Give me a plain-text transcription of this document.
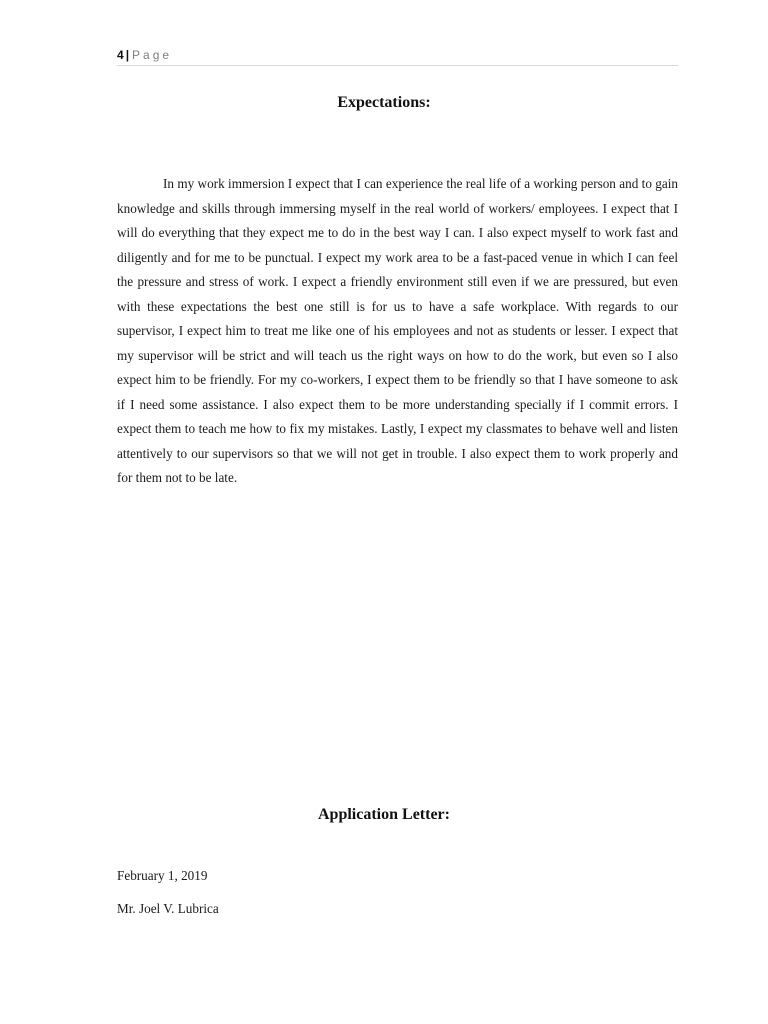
4 | Page
Expectations:

In my work immersion I expect that I can experience the real life of a working person and to gain knowledge and skills through immersing myself in the real world of workers/ employees. I expect that I will do everything that they expect me to do in the best way I can. I also expect myself to work fast and diligently and for me to be punctual. I expect my work area to be a fast-paced venue in which I can feel the pressure and stress of work. I expect a friendly environment still even if we are pressured, but even with these expectations the best one still is for us to have a safe workplace. With regards to our supervisor, I expect him to treat me like one of his employees and not as students or lesser. I expect that my supervisor will be strict and will teach us the right ways on how to do the work, but even so I also expect him to be friendly. For my co-workers, I expect them to be friendly so that I have someone to ask if I need some assistance. I also expect them to be more understanding specially if I commit errors. I expect them to teach me how to fix my mistakes. Lastly, I expect my classmates to behave well and listen attentively to our supervisors so that we will not get in trouble. I also expect them to work properly and for them not to be late.

Application Letter:
February 1, 2019
Mr. Joel V. Lubrica
